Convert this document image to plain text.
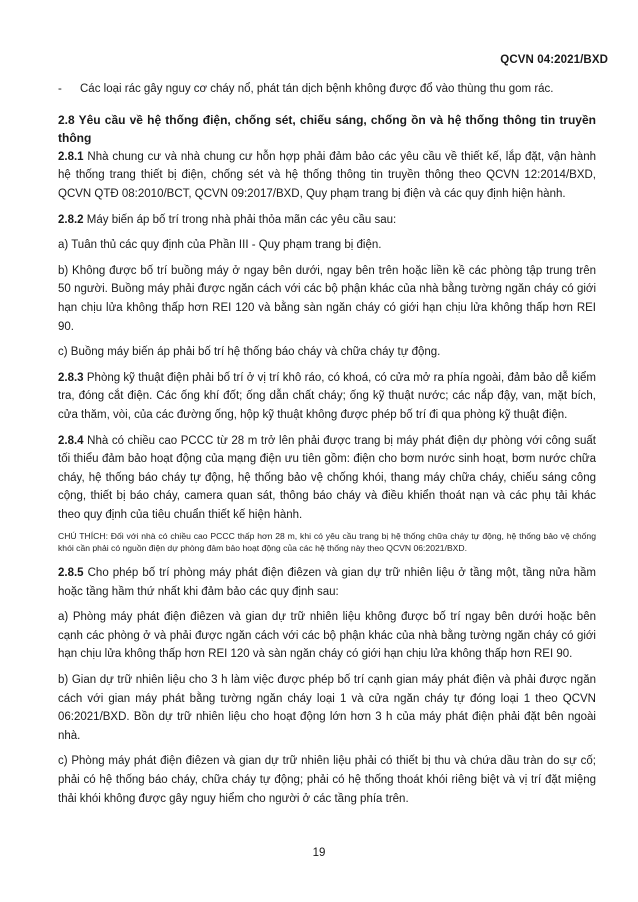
QCVN 04:2021/BXD
-	Các loại rác gây nguy cơ cháy nổ, phát tán dịch bệnh không được đổ vào thùng thu gom rác.

2.8 Yêu cầu về hệ thống điện, chống sét, chiếu sáng, chống ồn và hệ thống thông tin truyền thông

2.8.1 Nhà chung cư và nhà chung cư hỗn hợp phải đảm bảo các yêu cầu về thiết kế, lắp đặt, vận hành hệ thống trang thiết bị điện, chống sét và hệ thống thông tin truyền thông theo QCVN 12:2014/BXD, QCVN QTĐ 08:2010/BCT, QCVN 09:2017/BXD, Quy phạm trang bị điện và các quy định hiện hành.

2.8.2 Máy biến áp bố trí trong nhà phải thỏa mãn các yêu cầu sau:

a) Tuân thủ các quy định của Phần III - Quy phạm trang bị điện.

b) Không được bố trí buồng máy ở ngay bên dưới, ngay bên trên hoặc liền kề các phòng tập trung trên 50 người. Buồng máy phải được ngăn cách với các bộ phận khác của nhà bằng tường ngăn cháy có giới hạn chịu lửa không thấp hơn REI 120 và bằng sàn ngăn cháy có giới hạn chịu lửa không thấp hơn REI 90.

c) Buồng máy biến áp phải bố trí hệ thống báo cháy và chữa cháy tự động.

2.8.3 Phòng kỹ thuật điện phải bố trí ở vị trí khô ráo, có khoá, có cửa mở ra phía ngoài, đảm bảo dễ kiểm tra, đóng cắt điện. Các ống khí đốt; ống dẫn chất cháy; ống kỹ thuật nước; các nắp đậy, van, mặt bích, cửa thăm, vòi, của các đường ống, hộp kỹ thuật không được phép bố trí đi qua phòng kỹ thuật điện.

2.8.4 Nhà có chiều cao PCCC từ 28 m trở lên phải được trang bị máy phát điện dự phòng với công suất tối thiểu đảm bảo hoạt động của mạng điện ưu tiên gồm: điện cho bơm nước sinh hoạt, bơm nước chữa cháy, hệ thống báo cháy tự động, hệ thống bảo vệ chống khói, thang máy chữa cháy, chiếu sáng công cộng, thiết bị báo cháy, camera quan sát, thông báo cháy và điều khiển thoát nạn và các phụ tải khác theo quy định của tiêu chuẩn thiết kế hiện hành.

CHÚ THÍCH: Đối với nhà có chiều cao PCCC thấp hơn 28 m, khi có yêu cầu trang bị hệ thống chữa cháy tự động, hệ thống bảo vệ chống khói cần phải có nguồn điện dự phòng đảm bảo hoạt động của các hệ thống này theo QCVN 06:2021/BXD.

2.8.5 Cho phép bố trí phòng máy phát điện điêzen và gian dự trữ nhiên liệu ở tầng một, tầng nửa hầm hoặc tầng hầm thứ nhất khi đảm bảo các quy định sau:

a) Phòng máy phát điện điêzen và gian dự trữ nhiên liệu không được bố trí ngay bên dưới hoặc bên cạnh các phòng ở và phải được ngăn cách với các bộ phận khác của nhà bằng tường ngăn cháy có giới hạn chịu lửa không thấp hơn REI 120 và sàn ngăn cháy có giới hạn chịu lửa không thấp hơn REI 90.

b) Gian dự trữ nhiên liệu cho 3 h làm việc được phép bố trí cạnh gian máy phát điện và phải được ngăn cách với gian máy phát bằng tường ngăn cháy loại 1 và cửa ngăn cháy tự đóng loại 1 theo QCVN 06:2021/BXD. Bồn dự trữ nhiên liệu cho hoạt động lớn hơn 3 h của máy phát điện phải đặt bên ngoài nhà.

c) Phòng máy phát điện điêzen và gian dự trữ nhiên liệu phải có thiết bị thu và chứa dầu tràn do sự cố; phải có hệ thống báo cháy, chữa cháy tự động; phải có hệ thống thoát khói riêng biệt và vị trí đặt miệng thải khói không được gây nguy hiểm cho người ở các tầng phía trên.

19
